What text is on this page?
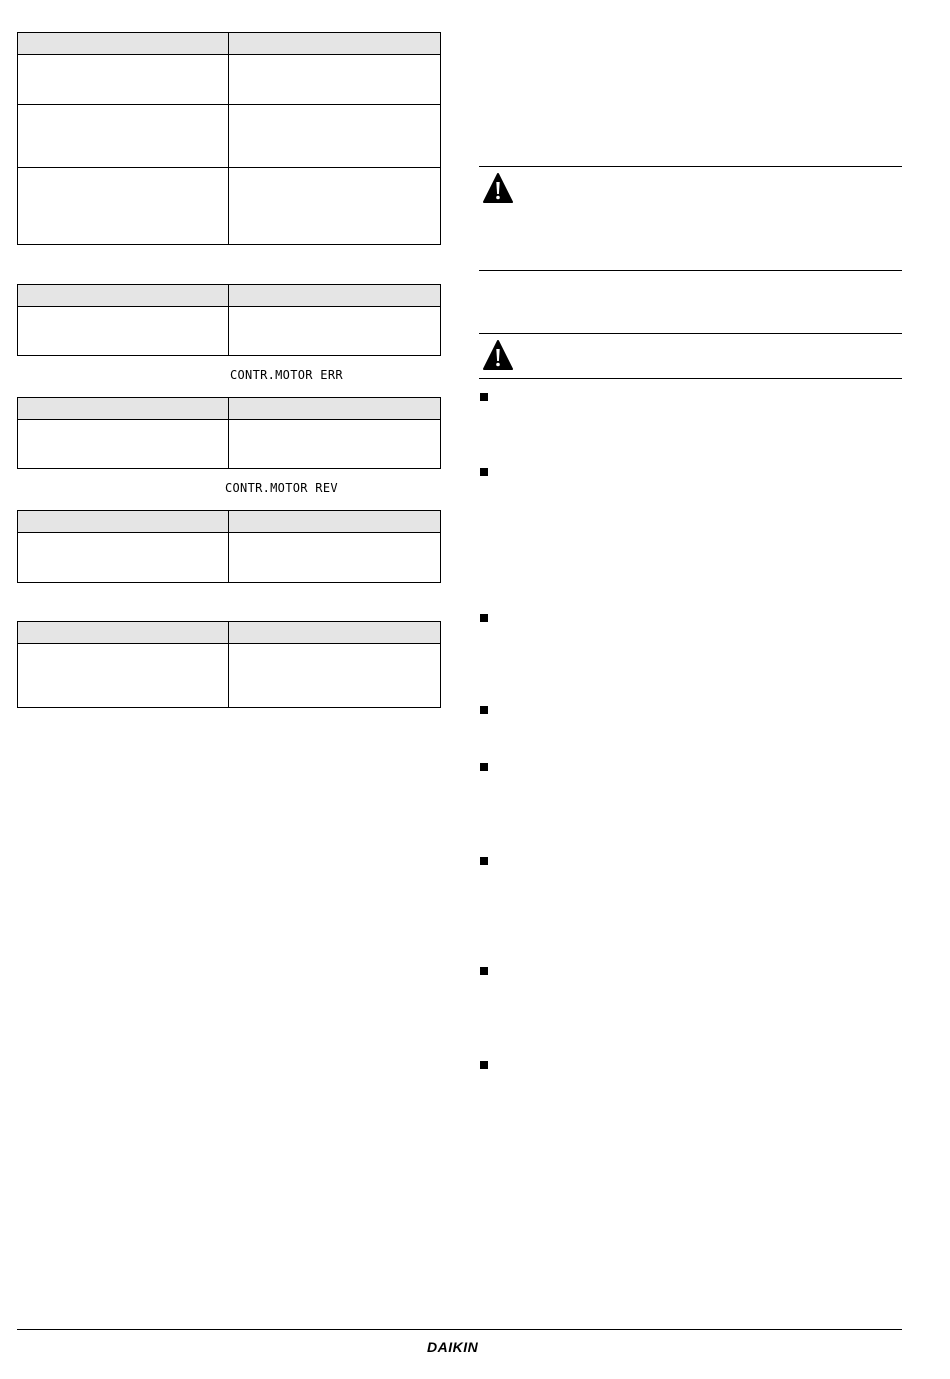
CONTR.MOTOR ERR
CONTR.MOTOR REV
DAIKIN
